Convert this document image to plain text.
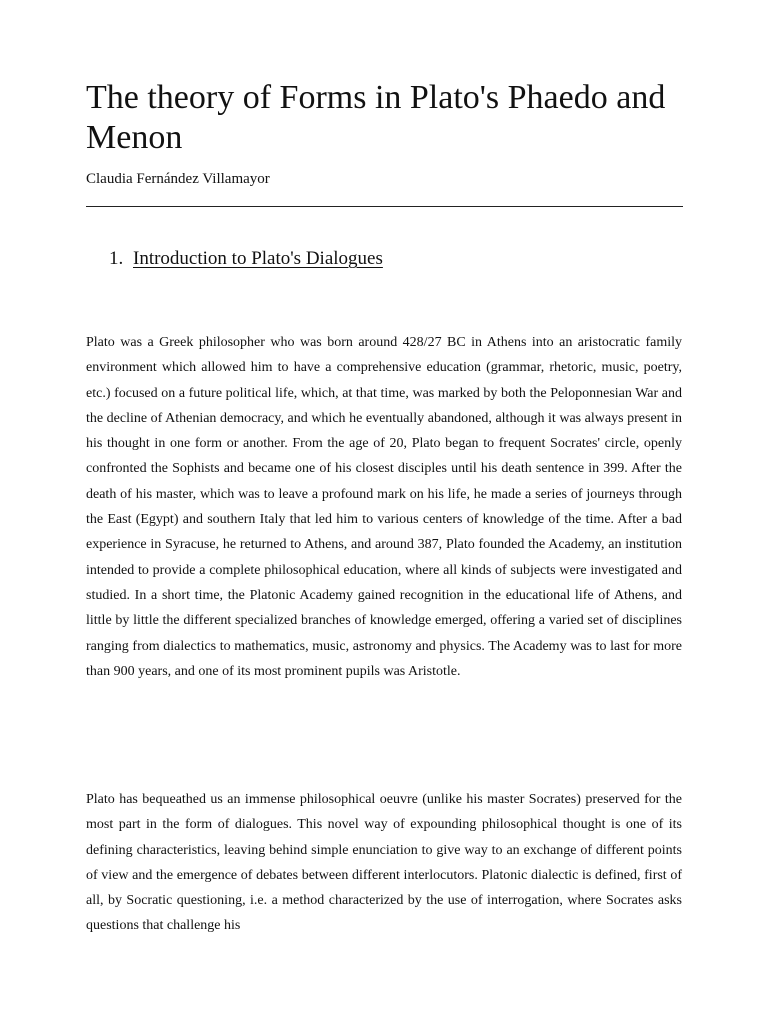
The theory of Forms in Plato's Phaedo and Menon

Claudia Fernández Villamayor

1. Introduction to Plato's Dialogues

Plato was a Greek philosopher who was born around 428/27 BC in Athens into an aristocratic family environment which allowed him to have a comprehensive education (grammar, rhetoric, music, poetry, etc.) focused on a future political life, which, at that time, was marked by both the Peloponnesian War and the decline of Athenian democracy, and which he eventually abandoned, although it was always present in his thought in one form or another. From the age of 20, Plato began to frequent Socrates' circle, openly confronted the Sophists and became one of his closest disciples until his death sentence in 399. After the death of his master, which was to leave a profound mark on his life, he made a series of journeys through the East (Egypt) and southern Italy that led him to various centers of knowledge of the time. After a bad experience in Syracuse, he returned to Athens, and around 387, Plato founded the Academy, an institution intended to provide a complete philosophical education, where all kinds of subjects were investigated and studied. In a short time, the Platonic Academy gained recognition in the educational life of Athens, and little by little the different specialized branches of knowledge emerged, offering a varied set of disciplines ranging from dialectics to mathematics, music, astronomy and physics. The Academy was to last for more than 900 years, and one of its most prominent pupils was Aristotle.

Plato has bequeathed us an immense philosophical oeuvre (unlike his master Socrates) preserved for the most part in the form of dialogues. This novel way of expounding philosophical thought is one of its defining characteristics, leaving behind simple enunciation to give way to an exchange of different points of view and the emergence of debates between different interlocutors. Platonic dialectic is defined, first of all, by Socratic questioning, i.e. a method characterized by the use of interrogation, where Socrates asks questions that challenge his
